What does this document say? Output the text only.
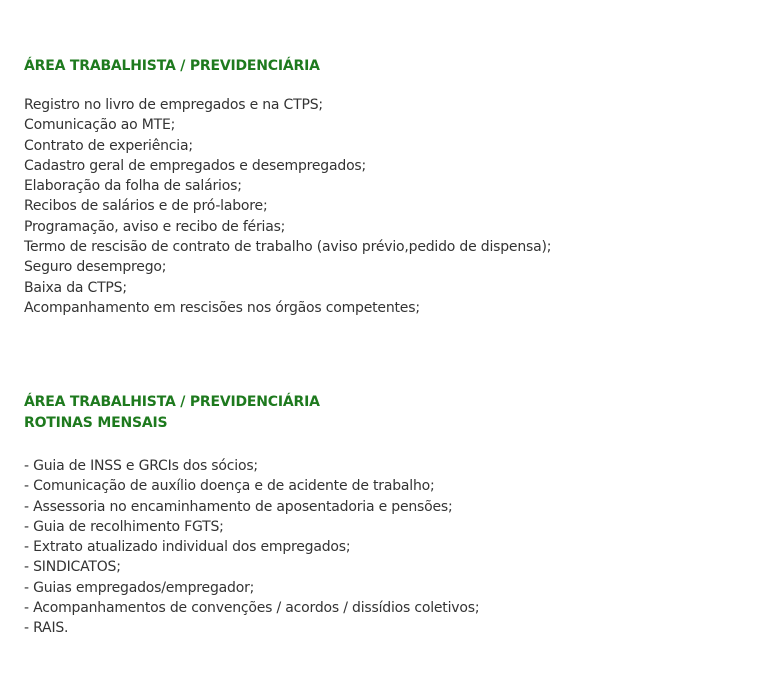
ÁREA TRABALHISTA / PREVIDENCIÁRIA
Registro no livro de empregados e na CTPS;
Comunicação ao MTE;
Contrato de experiência;
Cadastro geral de empregados e desempregados;
Elaboração da folha de salários;
Recibos de salários e de pró-labore;
Programação, aviso e recibo de férias;
Termo de rescisão de contrato de trabalho (aviso prévio,pedido de dispensa);
Seguro desemprego;
Baixa da CTPS;
Acompanhamento em rescisões nos órgãos competentes;
ÁREA TRABALHISTA / PREVIDENCIÁRIA
ROTINAS MENSAIS
- Guia de INSS e GRCIs dos sócios;
- Comunicação de auxílio doença e de acidente de trabalho;
- Assessoria no encaminhamento de aposentadoria e pensões;
- Guia de recolhimento FGTS;
- Extrato atualizado individual dos empregados;
- SINDICATOS;
- Guias empregados/empregador;
- Acompanhamentos de convenções / acordos / dissídios coletivos;
- RAIS.
